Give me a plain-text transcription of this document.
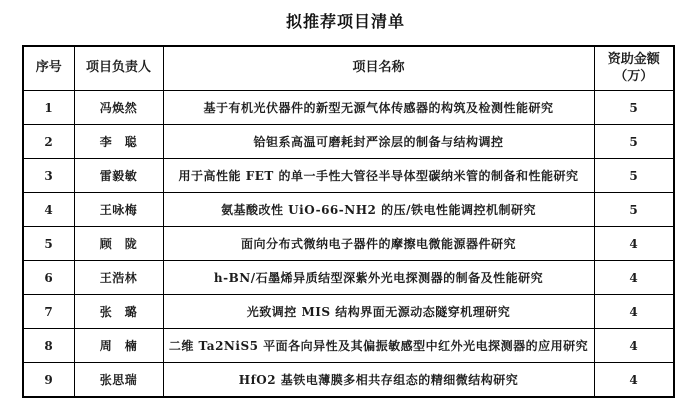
拟推荐项目清单
序号	项目负责人	项目名称	资助金额
（万）

1	冯焕然	基于有机光伏器件的新型无源气体传感器的构筑及检测性能研究	5
2	李　聪	铪钽系高温可磨耗封严涂层的制备与结构调控	5
3	雷毅敏	用于高性能 FET 的单一手性大管径半导体型碳纳米管的制备和性能研究	5
4	王咏梅	氨基酸改性 UiO-66-NH2 的压/铁电性能调控机制研究	5
5	顾　陇	面向分布式微纳电子器件的摩擦电微能源器件研究	4
6	王浩林	h-BN/石墨烯异质结型深紫外光电探测器的制备及性能研究	4
7	张　璐	光致调控 MIS 结构界面无源动态隧穿机理研究	4
8	周　楠	二维 Ta2NiS5 平面各向异性及其偏振敏感型中红外光电探测器的应用研究	4
9	张思瑞	HfO2 基铁电薄膜多相共存组态的精细微结构研究	4
